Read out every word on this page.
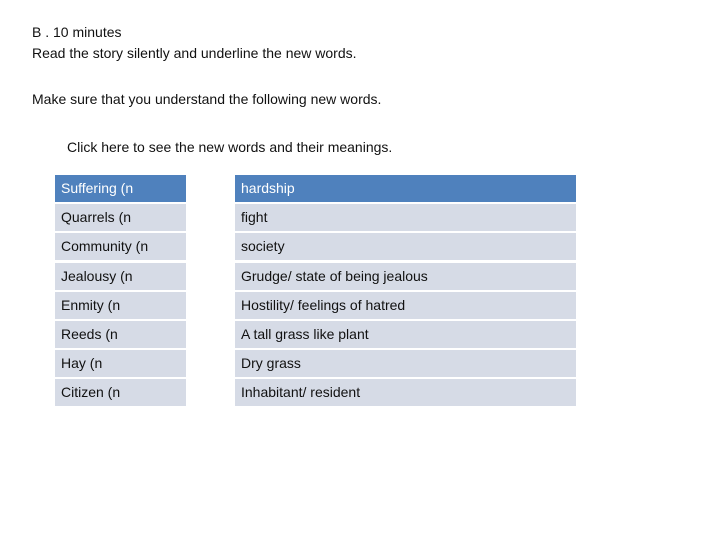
B . 10 minutes
Read the story silently and underline the new words.
Make sure that you understand the following new words.
Click here to see the new words and their meanings.
Suffering (n	hardship
Quarrels (n	fight
Community (n	society
Jealousy (n	Grudge/ state of being jealous
Enmity (n	Hostility/ feelings of hatred
Reeds (n	A tall grass like plant
Hay (n	Dry grass
Citizen (n	Inhabitant/ resident
